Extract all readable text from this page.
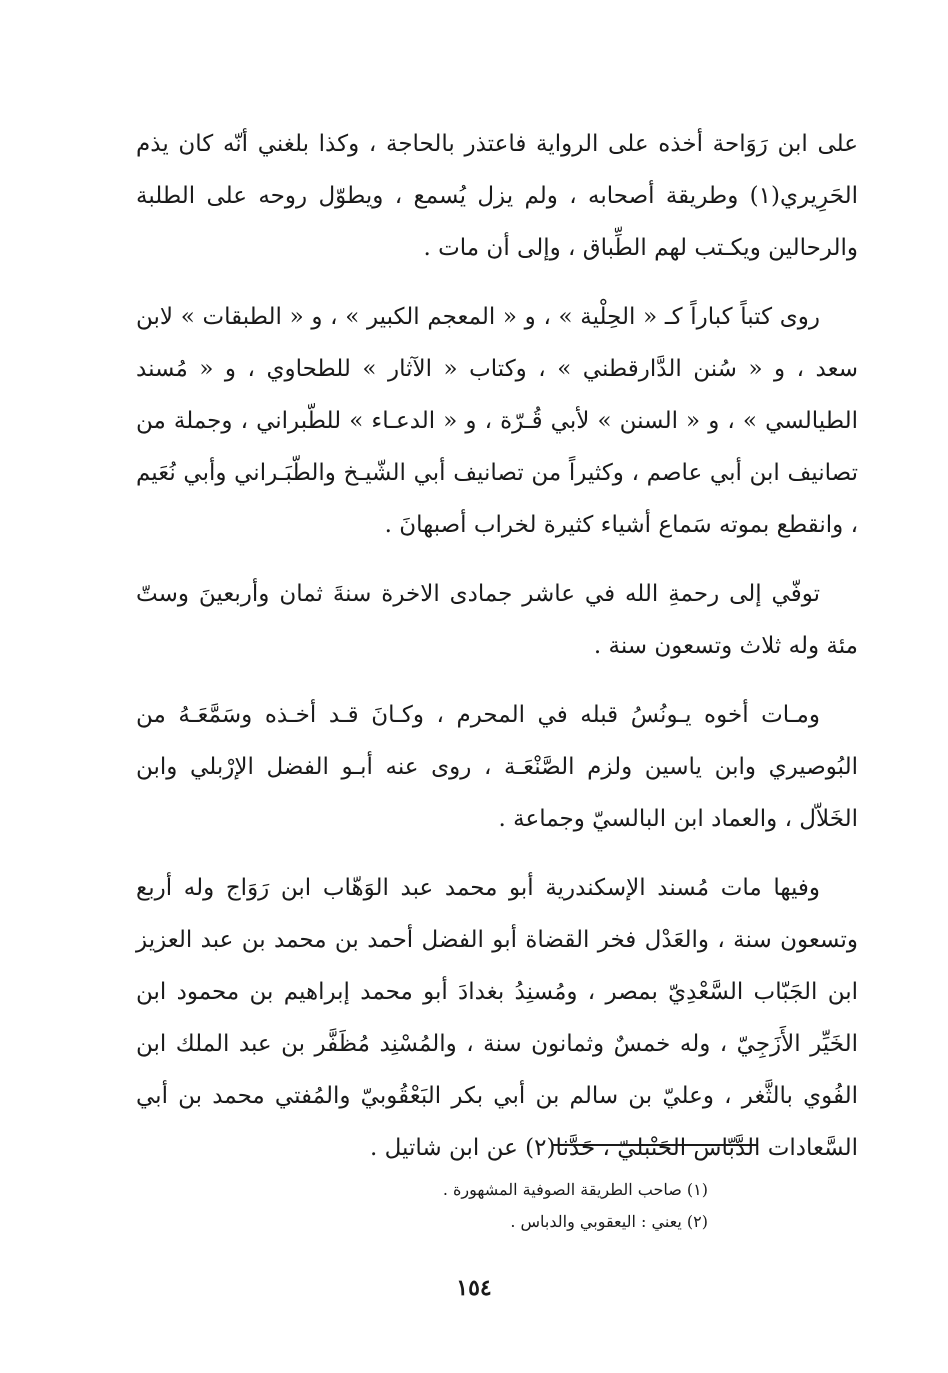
على ابن رَوَاحة أخذه على الرواية فاعتذر بالحاجة ، وكذا بلغني أنّه كان يذم الحَرِيري(١) وطريقة أصحابه ، ولم يزل يُسمع ، ويطوّل روحه على الطلبة والرحالين ويكـتب لهم الطِّباق ، وإلى أن مات .

روى كتباً كباراً كـ « الحِلْية » ، و « المعجم الكبير » ، و « الطبقات » لابن سعد ، و « سُنن الدَّارقطني » ، وكتاب « الآثار » للطحاوي ، و « مُسند الطيالسي » ، و « السنن » لأبي قُـرّة ، و « الدعـاء » للطّبراني ، وجملة من تصانيف ابن أبي عاصم ، وكثيراً من تصانيف أبي الشّيـخ والطّبَـراني وأبي نُعَيم ، وانقطع بموته سَماع أشياء كثيرة لخراب أصبهانَ .

توفّي إلى رحمةِ الله في عاشر جمادى الاخرة سنةَ ثمان وأربعينَ وستّ مئة وله ثلاث وتسعون سنة .

ومـات أخوه يـونُسُ قبله في المحرم ، وكـانَ قـد أخـذه وسَمَّعَـهُ من البُوصيري وابن ياسين ولزم الصَّنْعَـة ، روى عنه أبـو الفضل الإرْبلي وابن الخَلاّل ، والعماد ابن البالسيّ وجماعة .

وفيها مات مُسند الإسكندرية أبو محمد عبد الوَهّاب ابن رَوَاج وله أربع وتسعون سنة ، والعَدْل فخر القضاة أبو الفضل أحمد بن محمد بن عبد العزيز ابن الجَبّاب السَّعْدِيّ بمصر ، ومُسنِدُ بغدادَ أبو محمد إبراهيم بن محمود ابن الخَيِّر الأَزَجِيّ ، وله خمسٌ وثمانون سنة ، والمُسْنِد مُظَفَّر بن عبد الملك ابن الفُوي بالثَّغر ، وعليّ بن سالم بن أبي بكر البَعْقُوبيّ والمُفتي محمد بن أبي السَّعادات الدَّبّاس الحَنْبليّ ، حَدَّثا(٢) عن ابن شاتيل .

(١) صاحب الطريقة الصوفية المشهورة .

(٢) يعني : اليعقوبي والدباس .

١٥٤
